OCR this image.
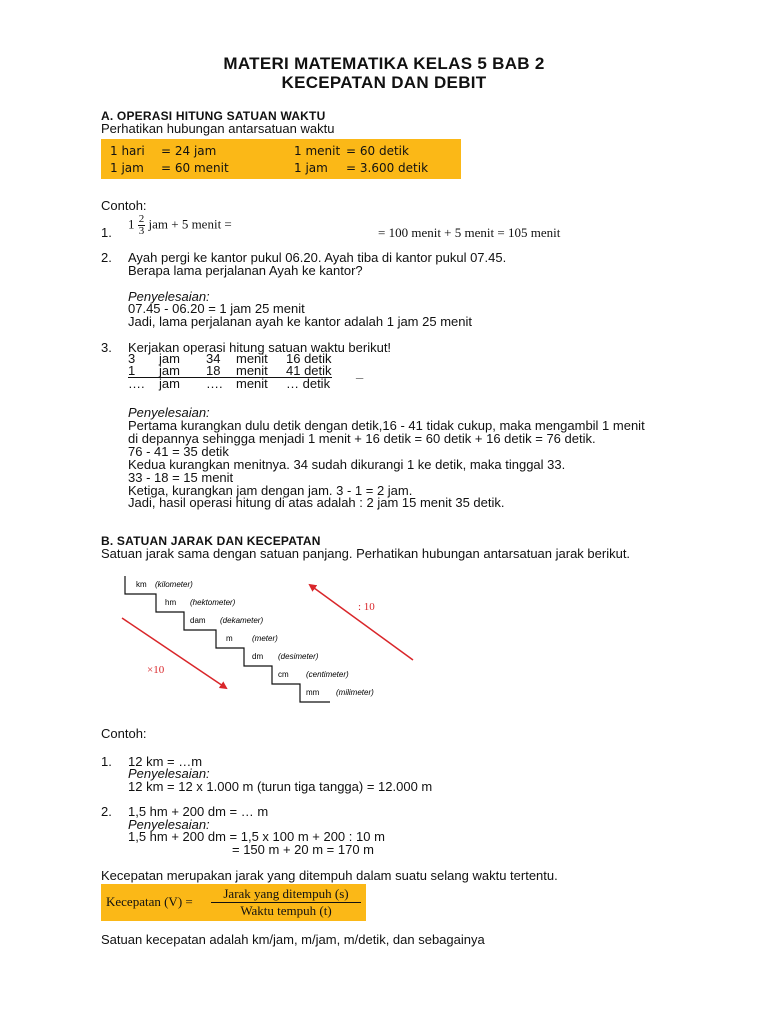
MATERI MATEMATIKA KELAS 5 BAB 2
KECEPATAN DAN DEBIT
A. OPERASI HITUNG SATUAN WAKTU
Perhatikan hubungan antarsatuan waktu
1 hari = 24 jam	1 menit = 60 detik
1 jam = 60 menit	1 jam = 3.600 detik
Contoh:
1.
$1 \frac{2}{3}$ jam + 5 menit =
= 100 menit + 5 menit = 105 menit
2. Ayah pergi ke kantor pukul 06.20. Ayah tiba di kantor pukul 07.45.
Berapa lama perjalanan Ayah ke kantor?
Penyelesaian:
07.45 - 06.20 = 1 jam 25 menit
Jadi, lama perjalanan ayah ke kantor adalah 1 jam 25 menit
3. Kerjakan operasi hitung satuan waktu berikut!
3	jam	34	menit	16 detik
1	jam	18	menit	41 detik
….	jam	….	menit	… detik
_
Penyelesaian:
Pertama kurangkan dulu detik dengan detik,16 - 41 tidak cukup, maka mengambil 1 menit
di depannya sehingga menjadi 1 menit + 16 detik = 60 detik + 16 detik = 76 detik.
76 - 41 = 35 detik
Kedua kurangkan menitnya. 34 sudah dikurangi 1 ke detik, maka tinggal 33.
33 - 18 = 15 menit
Ketiga, kurangkan jam dengan jam. 3 - 1 = 2 jam.
Jadi, hasil operasi hitung di atas adalah : 2 jam 15 menit 35 detik.
B. SATUAN JARAK DAN KECEPATAN
Satuan jarak sama dengan satuan panjang. Perhatikan hubungan antarsatuan jarak berikut.
×10
: 10
km (kilometer)
hm (hektometer)
dam (dekameter)
m (meter)
dm (desimeter)
cm (centimeter)
mm (milimeter)
Contoh:
1. 12 km = …m
Penyelesaian:
12 km = 12 x 1.000 m (turun tiga tangga) = 12.000 m
2. 1,5 hm + 200 dm = … m
Penyelesaian:
1,5 hm + 200 dm = 1,5 x 100 m + 200 : 10 m
= 150 m + 20 m = 170 m
Kecepatan merupakan jarak yang ditempuh dalam suatu selang waktu tertentu.
Kecepatan (V) =
Jarak yang ditempuh (s)
Waktu tempuh (t)
Satuan kecepatan adalah km/jam, m/jam, m/detik, dan sebagainya
